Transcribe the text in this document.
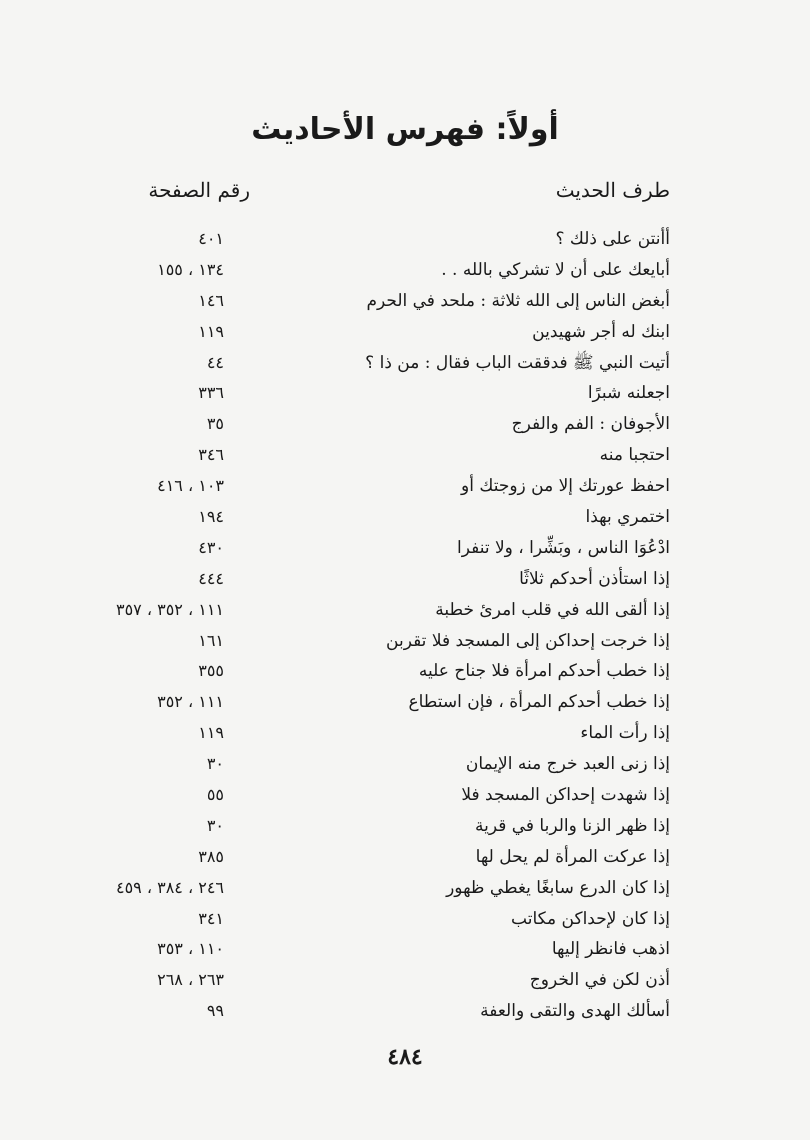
أولاً: فهرس الأحاديث
طرف الحديث
رقم الصفحة
أأنتن على ذلك ؟
٤٠١
أبايعك على أن لا تشركي بالله . .
١٣٤ ، ١٥٥
أبغض الناس إلى الله ثلاثة : ملحد في الحرم
١٤٦
ابنك له أجر شهيدين
١١٩
أتيت النبي ﷺ فدققت الباب فقال : من ذا ؟
٤٤
اجعلنه شبرًا
٣٣٦
الأجوفان : الفم والفرج
٣٥
احتجبا منه
٣٤٦
احفظ عورتك إلا من زوجتك أو
١٠٣ ، ٤١٦
اختمري بهذا
١٩٤
ادْعُوَا الناس ، وبَشِّرا ، ولا تنفرا
٤٣٠
إذا استأذن أحدكم ثلاثًا
٤٤٤
إذا ألقى الله في قلب امرئ خطبة
١١١ ، ٣٥٢ ، ٣٥٧
إذا خرجت إحداكن إلى المسجد فلا تقربن
١٦١
إذا خطب أحدكم امرأة فلا جناح عليه
٣٥٥
إذا خطب أحدكم المرأة ، فإن استطاع
١١١ ، ٣٥٢
إذا رأت الماء
١١٩
إذا زنى العبد خرج منه الإيمان
٣٠
إذا شهدت إحداكن المسجد فلا
٥٥
إذا ظهر الزنا والربا في قرية
٣٠
إذا عركت المرأة لم يحل لها
٣٨٥
إذا كان الدرع سابغًا يغطي ظهور
٢٤٦ ، ٣٨٤ ، ٤٥٩
إذا كان لإحداكن مكاتب
٣٤١
اذهب فانظر إليها
١١٠ ، ٣٥٣
أذن لكن في الخروج
٢٦٣ ، ٢٦٨
أسألك الهدى والتقى والعفة
٩٩
٤٨٤
